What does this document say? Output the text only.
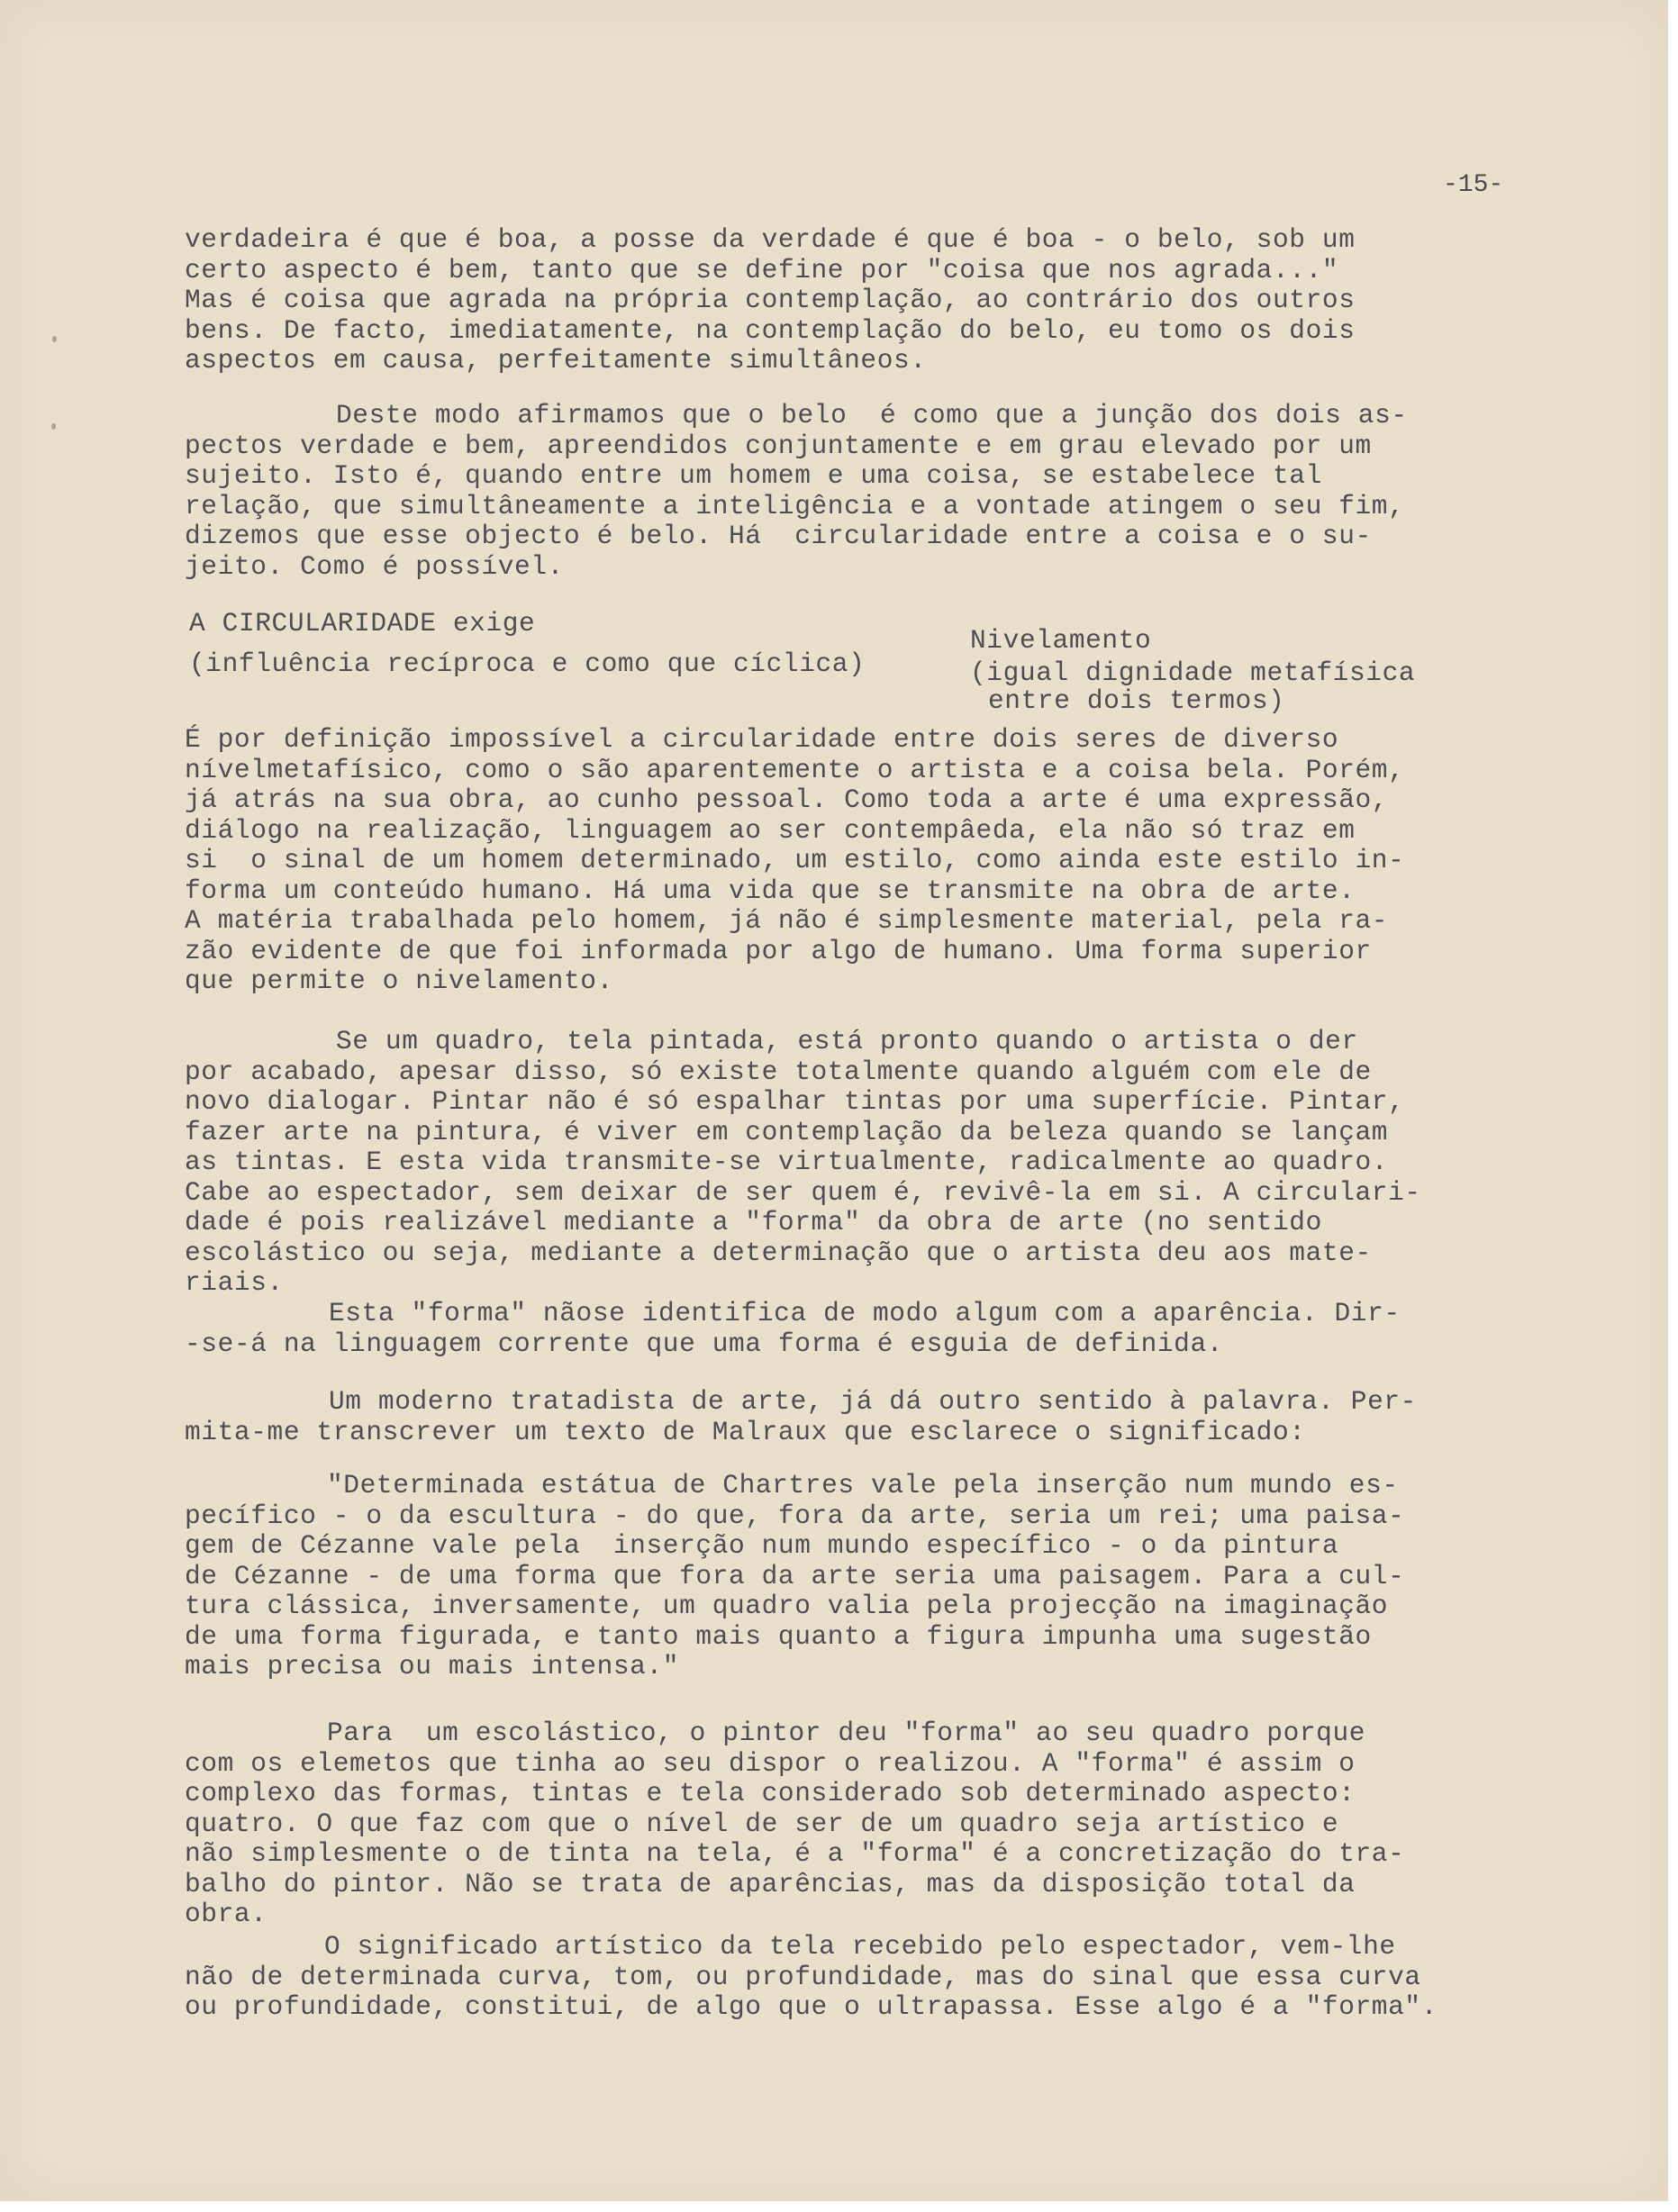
-15-

verdadeira é que é boa, a posse da verdade é que é boa - o belo, sob um
certo aspecto é bem, tanto que se define por "coisa que nos agrada..."
Mas é coisa que agrada na própria contemplação, ao contrário dos outros
bens. De facto, imediatamente, na contemplação do belo, eu tomo os dois
aspectos em causa, perfeitamente simultâneos.
Deste modo afirmamos que o belo  é como que a junção dos dois as-
pectos verdade e bem, apreendidos conjuntamente e em grau elevado por um
sujeito. Isto é, quando entre um homem e uma coisa, se estabelece tal
relação, que simultâneamente a inteligência e a vontade atingem o seu fim,
dizemos que esse objecto é belo. Há  circularidade entre a coisa e o su-
jeito. Como é possível.

A CIRCULARIDADE exige

(influência recíproca e como que cíclica)

Nivelamento

(igual dignidade metafísica

entre dois termos)

É por definição impossível a circularidade entre dois seres de diverso
nívelmetafísico, como o são aparentemente o artista e a coisa bela. Porém,
já atrás na sua obra, ao cunho pessoal. Como toda a arte é uma expressão,
diálogo na realização, linguagem ao ser contempâeda, ela não só traz em
si  o sinal de um homem determinado, um estilo, como ainda este estilo in-
forma um conteúdo humano. Há uma vida que se transmite na obra de arte.
A matéria trabalhada pelo homem, já não é simplesmente material, pela ra-
zão evidente de que foi informada por algo de humano. Uma forma superior
que permite o nivelamento.
Se um quadro, tela pintada, está pronto quando o artista o der
por acabado, apesar disso, só existe totalmente quando alguém com ele de
novo dialogar. Pintar não é só espalhar tintas por uma superfície. Pintar,
fazer arte na pintura, é viver em contemplação da beleza quando se lançam
as tintas. E esta vida transmite-se virtualmente, radicalmente ao quadro.
Cabe ao espectador, sem deixar de ser quem é, revivê-la em si. A circulari-
dade é pois realizável mediante a "forma" da obra de arte (no sentido
escolástico ou seja, mediante a determinação que o artista deu aos mate-
riais.
Esta "forma" nãose identifica de modo algum com a aparência. Dir-
-se-á na linguagem corrente que uma forma é esguia de definida.
Um moderno tratadista de arte, já dá outro sentido à palavra. Per-
mita-me transcrever um texto de Malraux que esclarece o significado:
"Determinada estátua de Chartres vale pela inserção num mundo es-
pecífico - o da escultura - do que, fora da arte, seria um rei; uma paisa-
gem de Cézanne vale pela  inserção num mundo específico - o da pintura
de Cézanne - de uma forma que fora da arte seria uma paisagem. Para a cul-
tura clássica, inversamente, um quadro valia pela projecção na imaginação
de uma forma figurada, e tanto mais quanto a figura impunha uma sugestão
mais precisa ou mais intensa."
Para  um escolástico, o pintor deu "forma" ao seu quadro porque
com os elemetos que tinha ao seu dispor o realizou. A "forma" é assim o
complexo das formas, tintas e tela considerado sob determinado aspecto:
quatro. O que faz com que o nível de ser de um quadro seja artístico e
não simplesmente o de tinta na tela, é a "forma" é a concretização do tra-
balho do pintor. Não se trata de aparências, mas da disposição total da
obra.
O significado artístico da tela recebido pelo espectador, vem-lhe
não de determinada curva, tom, ou profundidade, mas do sinal que essa curva
ou profundidade, constitui, de algo que o ultrapassa. Esse algo é a "forma".
